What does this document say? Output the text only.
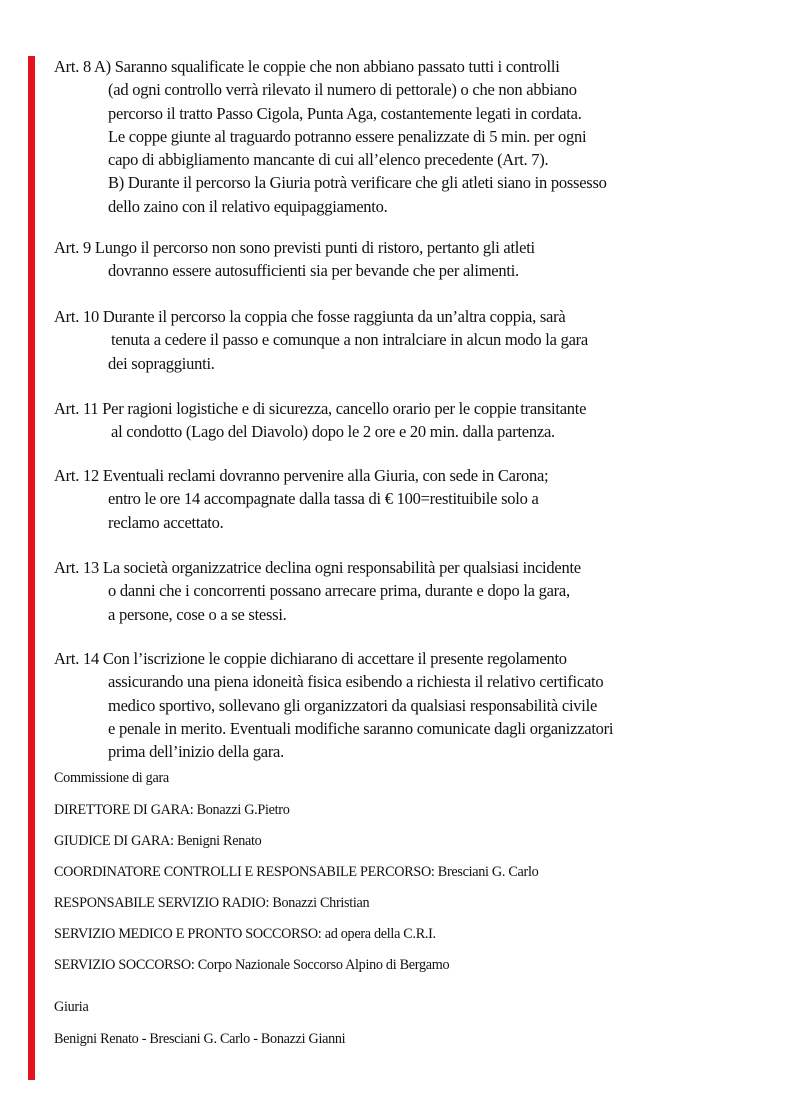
Art. 8 A) Saranno squalificate le coppie che non abbiano passato tutti i controlli
(ad ogni controllo verrà rilevato il numero di pettorale) o che non abbiano
percorso il tratto Passo Cigola, Punta Aga, costantemente legati in cordata.
Le coppe giunte al traguardo potranno essere penalizzate di 5 min. per ogni
capo di abbigliamento mancante di cui all’elenco precedente (Art. 7).
B) Durante il percorso la Giuria potrà verificare che gli atleti siano in possesso
dello zaino con il relativo equipaggiamento.
Art. 9 Lungo il percorso non sono previsti punti di ristoro, pertanto gli atleti
dovranno essere autosufficienti sia per bevande che per alimenti.
Art. 10 Durante il percorso la coppia che fosse raggiunta da un’altra coppia, sarà
tenuta a cedere il passo e comunque a non intralciare in alcun modo la gara
dei sopraggiunti.
Art. 11 Per ragioni logistiche e di sicurezza, cancello orario per le coppie transitante
al condotto (Lago del Diavolo) dopo le 2 ore e 20 min. dalla partenza.
Art. 12 Eventuali reclami dovranno pervenire alla Giuria, con sede in Carona;
entro le ore 14 accompagnate dalla tassa di € 100=restituibile solo a
reclamo accettato.
Art. 13 La società organizzatrice declina ogni responsabilità per qualsiasi incidente
o danni che i concorrenti possano arrecare prima, durante e dopo la gara,
a persone, cose o a se stessi.
Art. 14 Con l’iscrizione le coppie dichiarano di accettare il presente regolamento
assicurando una piena idoneità fisica esibendo a richiesta il relativo certificato
medico sportivo, sollevano gli organizzatori da qualsiasi responsabilità civile
e penale in merito. Eventuali modifiche saranno comunicate dagli organizzatori
prima dell’inizio della gara.
Commissione di gara
DIRETTORE DI GARA: Bonazzi G.Pietro
GIUDICE DI GARA: Benigni Renato
COORDINATORE CONTROLLI E RESPONSABILE PERCORSO: Bresciani G. Carlo
RESPONSABILE SERVIZIO RADIO: Bonazzi Christian
SERVIZIO MEDICO E PRONTO SOCCORSO: ad opera della C.R.I.
SERVIZIO SOCCORSO: Corpo Nazionale Soccorso Alpino di Bergamo
Giuria
Benigni Renato - Bresciani G. Carlo - Bonazzi Gianni
